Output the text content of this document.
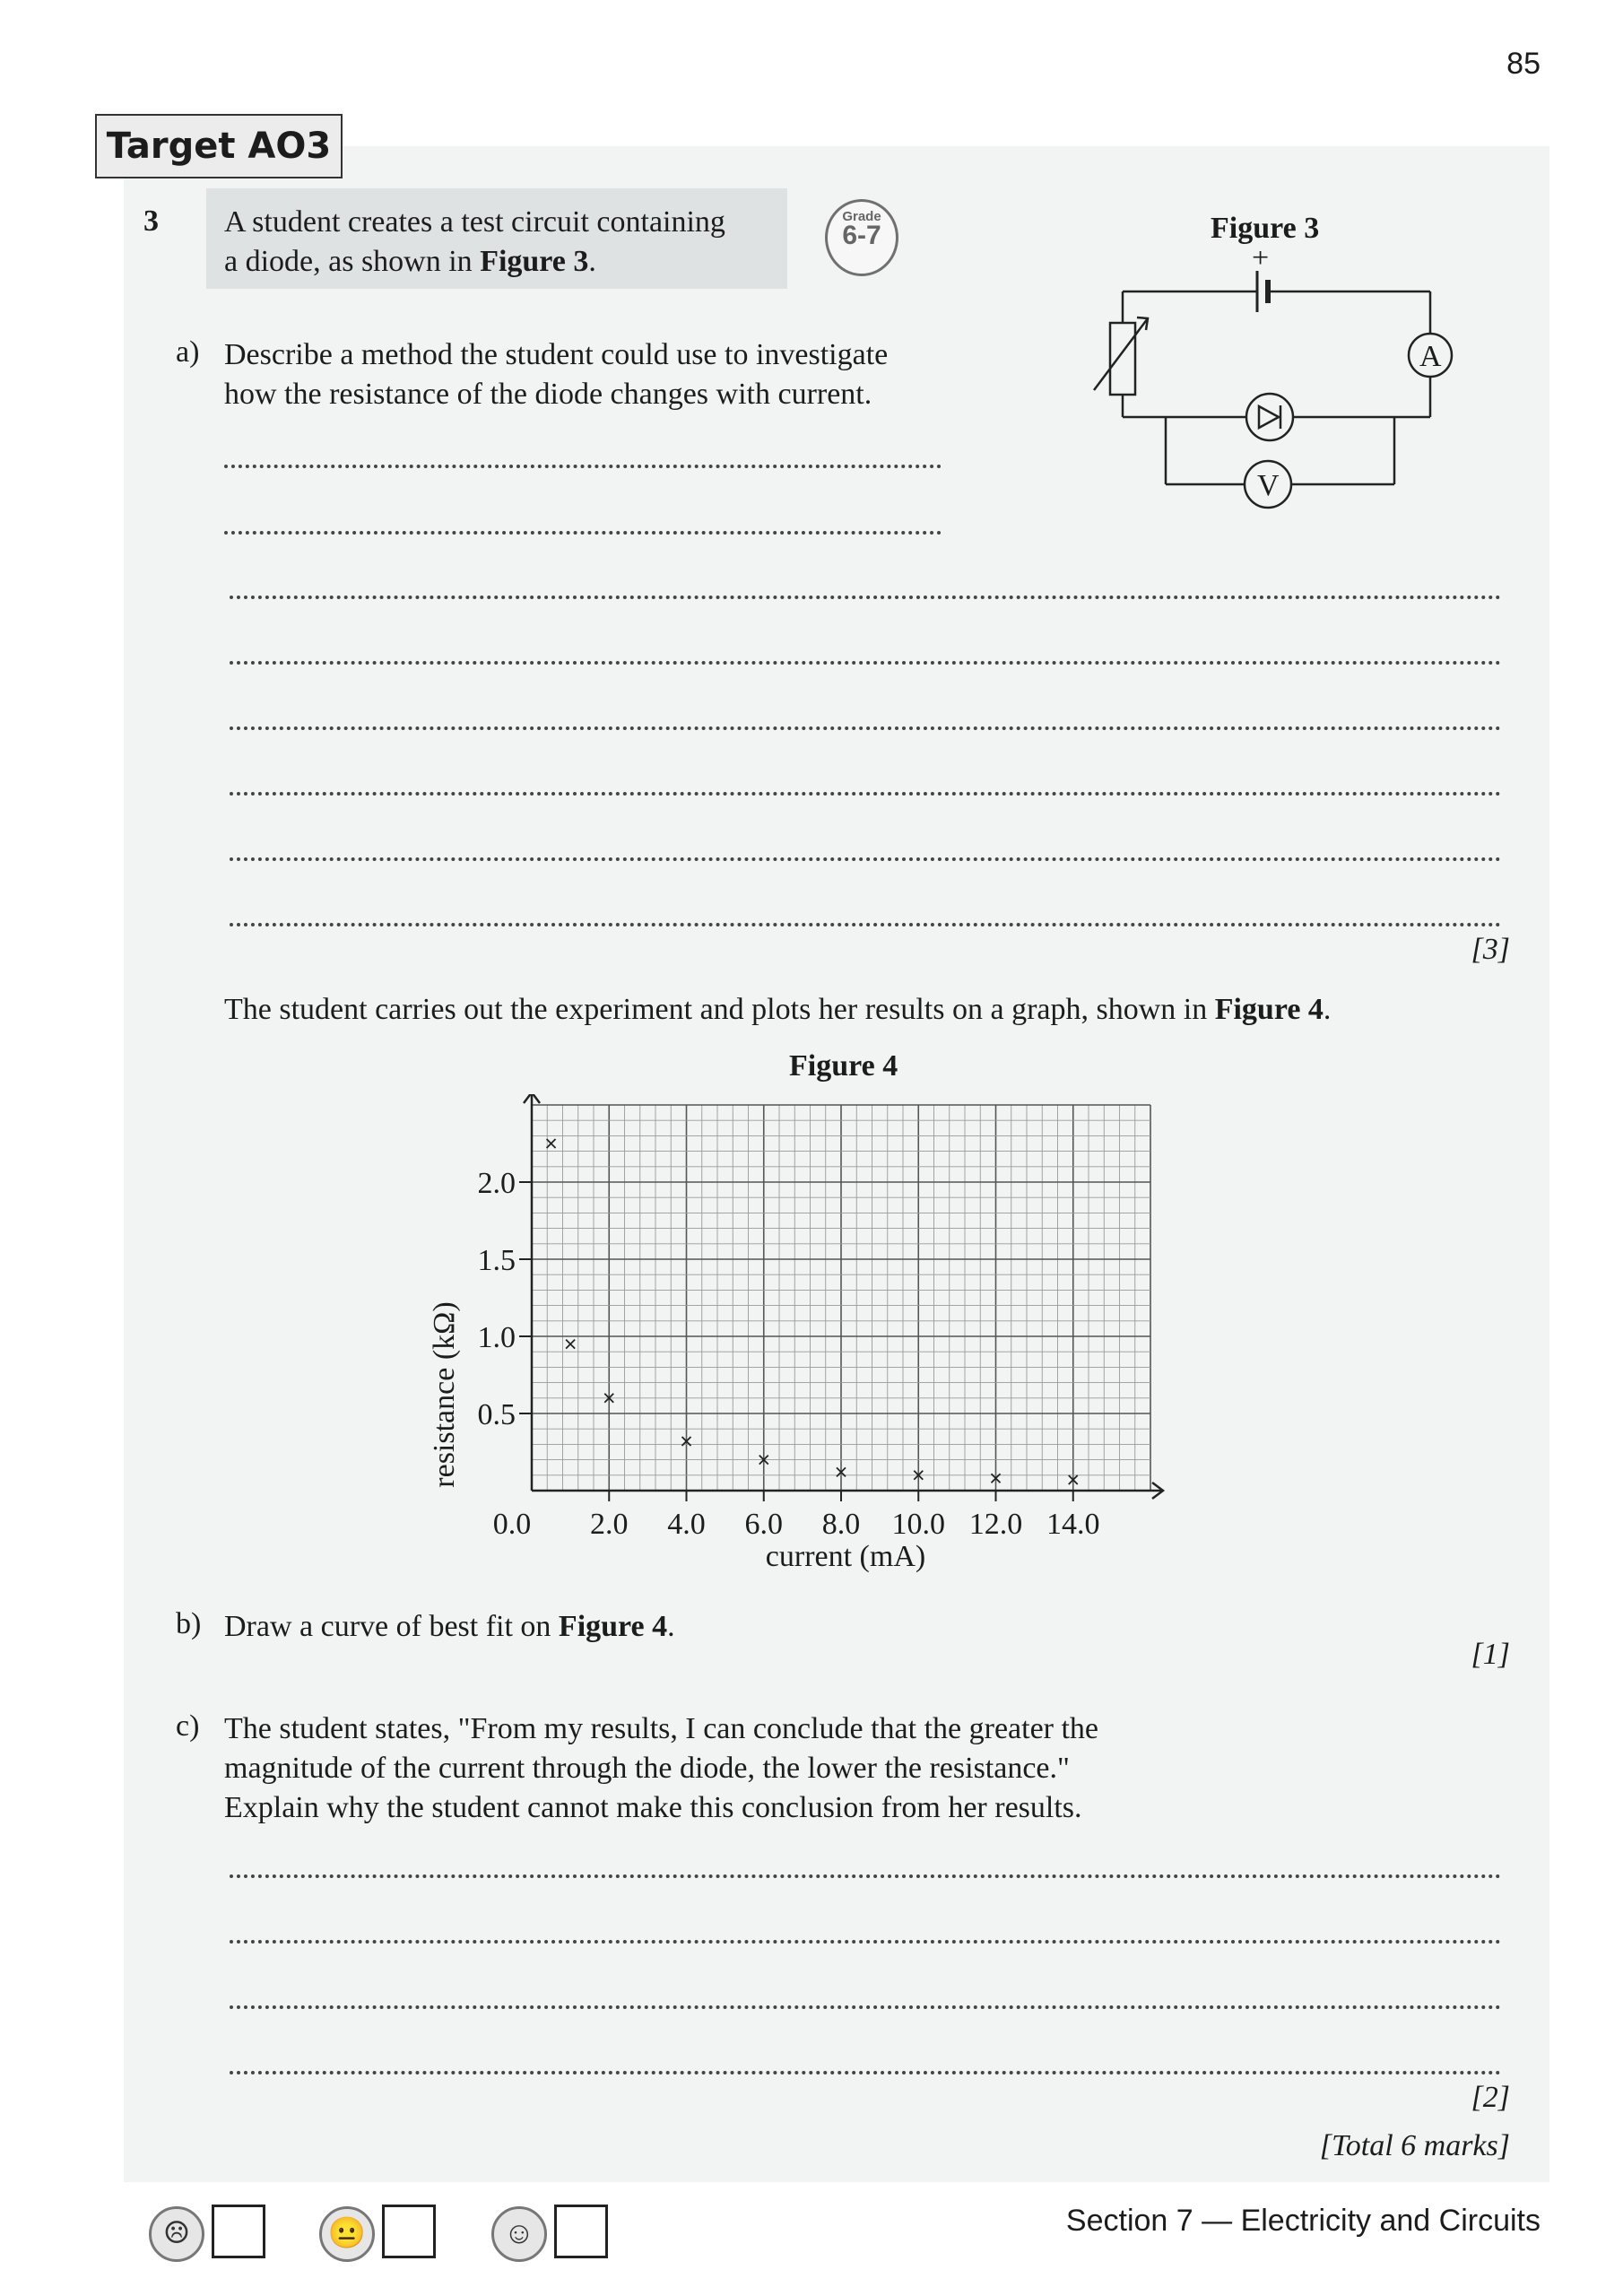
85
Target AO3
3 A student creates a test circuit containing
a diode, as shown in Figure 3.
Grade
6-7	Figure 3
+
A
V
a) Describe a method the student could use to investigate
how the resistance of the diode changes with current.
[3]
The student carries out the experiment and plots her results on a graph, shown in Figure 4.
Figure 4
0.5
1.0
1.5
2.0
0.0 2.0 4.0 6.0 8.0 10.0 12.0 14.0
resistance (kΩ)
current (mA)
b) Draw a curve of best fit on Figure 4.
[1]
c) The student states, "From my results, I can conclude that the greater the
magnitude of the current through the diode, the lower the resistance."
Explain why the student cannot make this conclusion from her results.
[2]
[Total 6 marks]
☹	😐	☺	Section 7 — Electricity and Circuits
